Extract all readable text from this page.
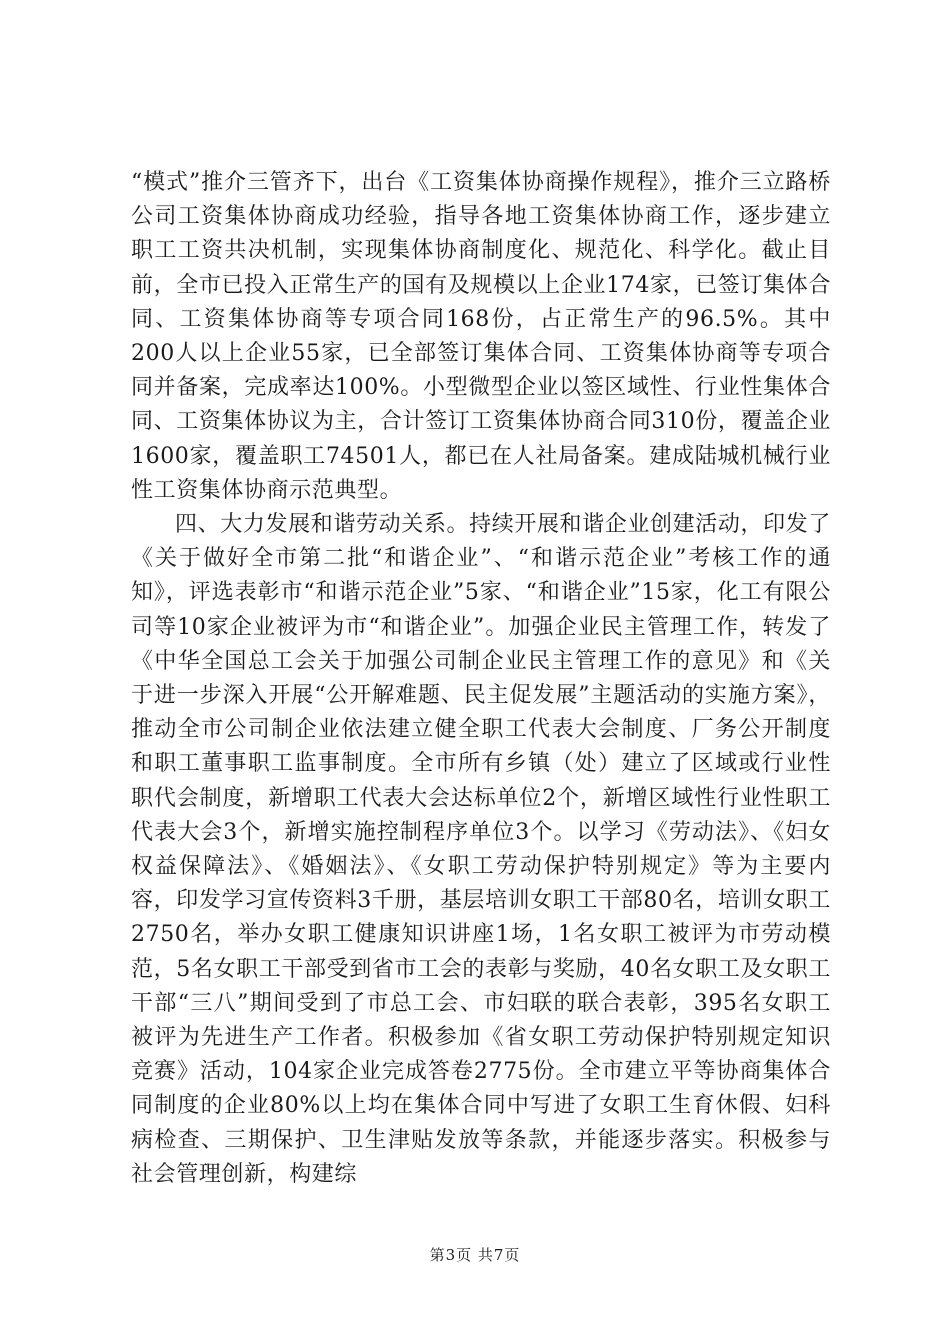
“模式”推介三管齐下，出台《工资集体协商操作规程》，推介三立路桥公司工资集体协商成功经验，指导各地工资集体协商工作，逐步建立职工工资共决机制，实现集体协商制度化、规范化、科学化。截止目前，全市已投入正常生产的国有及规模以上企业174家，已签订集体合同、工资集体协商等专项合同168份，占正常生产的96.5%。其中200人以上企业55家，已全部签订集体合同、工资集体协商等专项合同并备案，完成率达100%。小型微型企业以签区域性、行业性集体合同、工资集体协议为主，合计签订工资集体协商合同310份，覆盖企业1600家，覆盖职工74501人，都已在人社局备案。建成陆城机械行业性工资集体协商示范典型。

四、大力发展和谐劳动关系。持续开展和谐企业创建活动，印发了《关于做好全市第二批“和谐企业”、“和谐示范企业”考核工作的通知》，评选表彰市“和谐示范企业”5家、“和谐企业”15家，化工有限公司等10家企业被评为市“和谐企业”。加强企业民主管理工作，转发了《中华全国总工会关于加强公司制企业民主管理工作的意见》和《关于进一步深入开展“公开解难题、民主促发展”主题活动的实施方案》，推动全市公司制企业依法建立健全职工代表大会制度、厂务公开制度和职工董事职工监事制度。全市所有乡镇（处）建立了区域或行业性职代会制度，新增职工代表大会达标单位2个，新增区域性行业性职工代表大会3个，新增实施控制程序单位3个。以学习《劳动法》、《妇女权益保障法》、《婚姻法》、《女职工劳动保护特别规定》等为主要内容，印发学习宣传资料3千册，基层培训女职工干部80名，培训女职工2750名，举办女职工健康知识讲座1场，1名女职工被评为市劳动模范，5名女职工干部受到省市工会的表彰与奖励，40名女职工及女职工干部“三八”期间受到了市总工会、市妇联的联合表彰，395名女职工被评为先进生产工作者。积极参加《省女职工劳动保护特别规定知识竞赛》活动，104家企业完成答卷2775份。全市建立平等协商集体合同制度的企业80%以上均在集体合同中写进了女职工生育休假、妇科病检查、三期保护、卫生津贴发放等条款，并能逐步落实。积极参与社会管理创新，构建综

第3页 共7页
